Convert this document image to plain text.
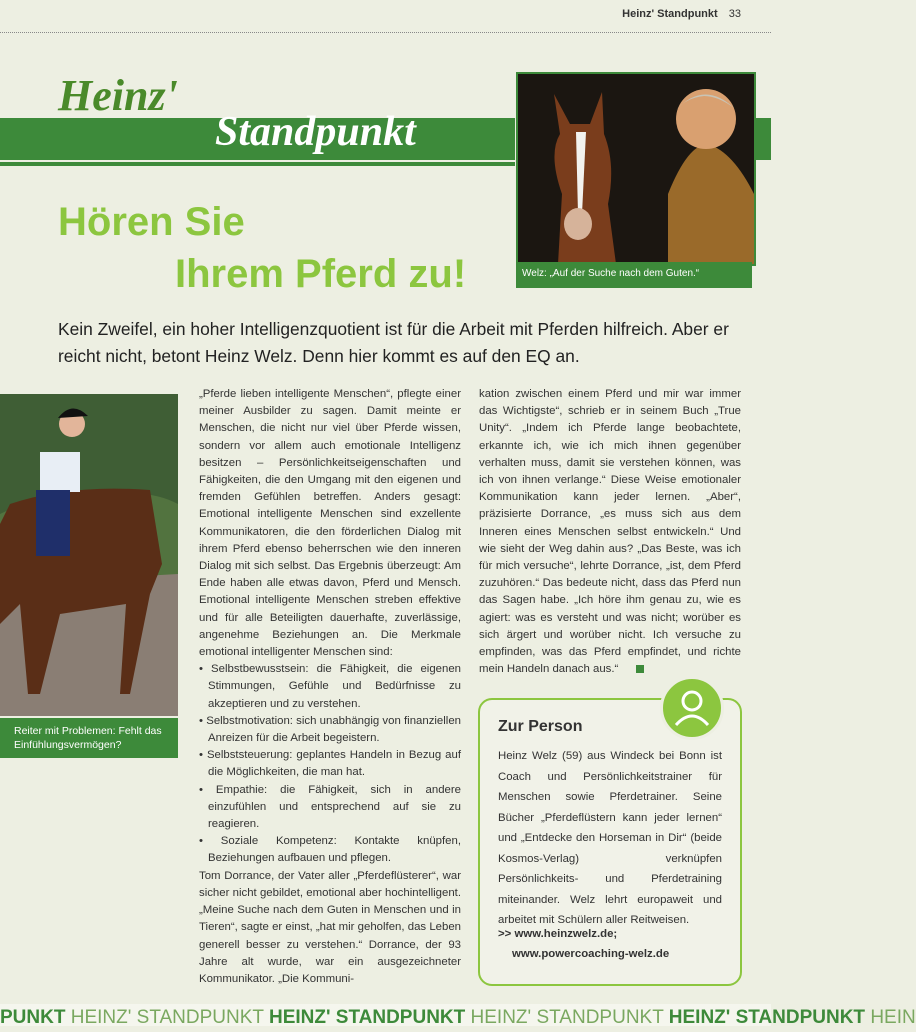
Heinz' Standpunkt 33
Heinz'
Standpunkt
Hören Sie
Ihrem Pferd zu!	Welz: „Auf der Suche nach dem Guten.“
Kein Zweifel, ein hoher Intelligenzquotient ist für die Arbeit mit Pferden hilfreich. Aber er reicht nicht, betont Heinz Welz. Denn hier kommt es auf den EQ an.
Reiter mit Problemen: Fehlt das Einfühlungsvermögen?

„Pferde lieben intelligente Menschen“, pflegte einer meiner Ausbilder zu sagen. Damit meinte er Menschen, die nicht nur viel über Pferde wissen, sondern vor allem auch emotionale Intelligenz besitzen – Persönlichkeitseigenschaften und Fähigkeiten, die den Umgang mit den eigenen und fremden Gefühlen betreffen. Anders gesagt: Emotional intelligente Menschen sind exzellente Kommunikatoren, die den förderlichen Dialog mit ihrem Pferd ebenso beherrschen wie den inneren Dialog mit sich selbst. Das Ergebnis überzeugt: Am Ende haben alle etwas davon, Pferd und Mensch. Emotional intelligente Menschen streben effektive und für alle Beteiligten dauerhafte, zuverlässige, angenehme Beziehungen an. Die Merkmale emotional intelligenter Menschen sind:

• Selbstbewusstsein: die Fähigkeit, die eigenen Stimmungen, Gefühle und Bedürfnisse zu akzeptieren und zu verstehen.
• Selbstmotivation: sich unabhängig von finanziellen Anreizen für die Arbeit begeistern.
• Selbststeuerung: geplantes Handeln in Bezug auf die Möglichkeiten, die man hat.
• Empathie: die Fähigkeit, sich in andere einzufühlen und entsprechend auf sie zu reagieren.
• Soziale Kompetenz: Kontakte knüpfen, Beziehungen aufbauen und pflegen.

Tom Dorrance, der Vater aller „Pferdeflüsterer“, war sicher nicht gebildet, emotional aber hochintelligent. „Meine Suche nach dem Guten in Menschen und in Tieren“, sagte er einst, „hat mir geholfen, das Leben generell besser zu verstehen.“ Dorrance, der 93 Jahre alt wurde, war ein ausgezeichneter Kommunikator. „Die Kommuni-

kation zwischen einem Pferd und mir war immer das Wichtigste“, schrieb er in seinem Buch „True Unity“. „Indem ich Pferde lange beobachtete, erkannte ich, wie ich mich ihnen gegenüber verhalten muss, damit sie verstehen können, was ich von ihnen verlange.“ Diese Weise emotionaler Kommunikation kann jeder lernen. „Aber“, präzisierte Dorrance, „es muss sich aus dem Inneren eines Menschen selbst entwickeln.“ Und wie sieht der Weg dahin aus? „Das Beste, was ich für mich versuche“, lehrte Dorrance, „ist, dem Pferd zuzuhören.“ Das bedeute nicht, dass das Pferd nun das Sagen habe. „Ich höre ihm genau zu, wie es agiert: was es versteht und was nicht; worüber es sich ärgert und worüber nicht. Ich versuche zu empfinden, was das Pferd empfindet, und richte mein Handeln danach aus.“

Zur Person
Heinz Welz (59) aus Windeck bei Bonn ist Coach und Persönlichkeitstrainer für Menschen sowie Pferdetrainer. Seine Bücher „Pferdeflüstern kann jeder lernen“ und „Entdecke den Horseman in Dir“ (beide Kosmos-Verlag) verknüpfen Persönlichkeits- und Pferdetraining miteinander. Welz lehrt europaweit und arbeitet mit Schülern aller Reitweisen.
>> www.heinzwelz.de;
www.powercoaching-welz.de
PUNKT HEINZ' STANDPUNKT HEINZ' STANDPUNKT HEINZ' STANDPUNKT HEINZ' STANDPUNKT HEIN
